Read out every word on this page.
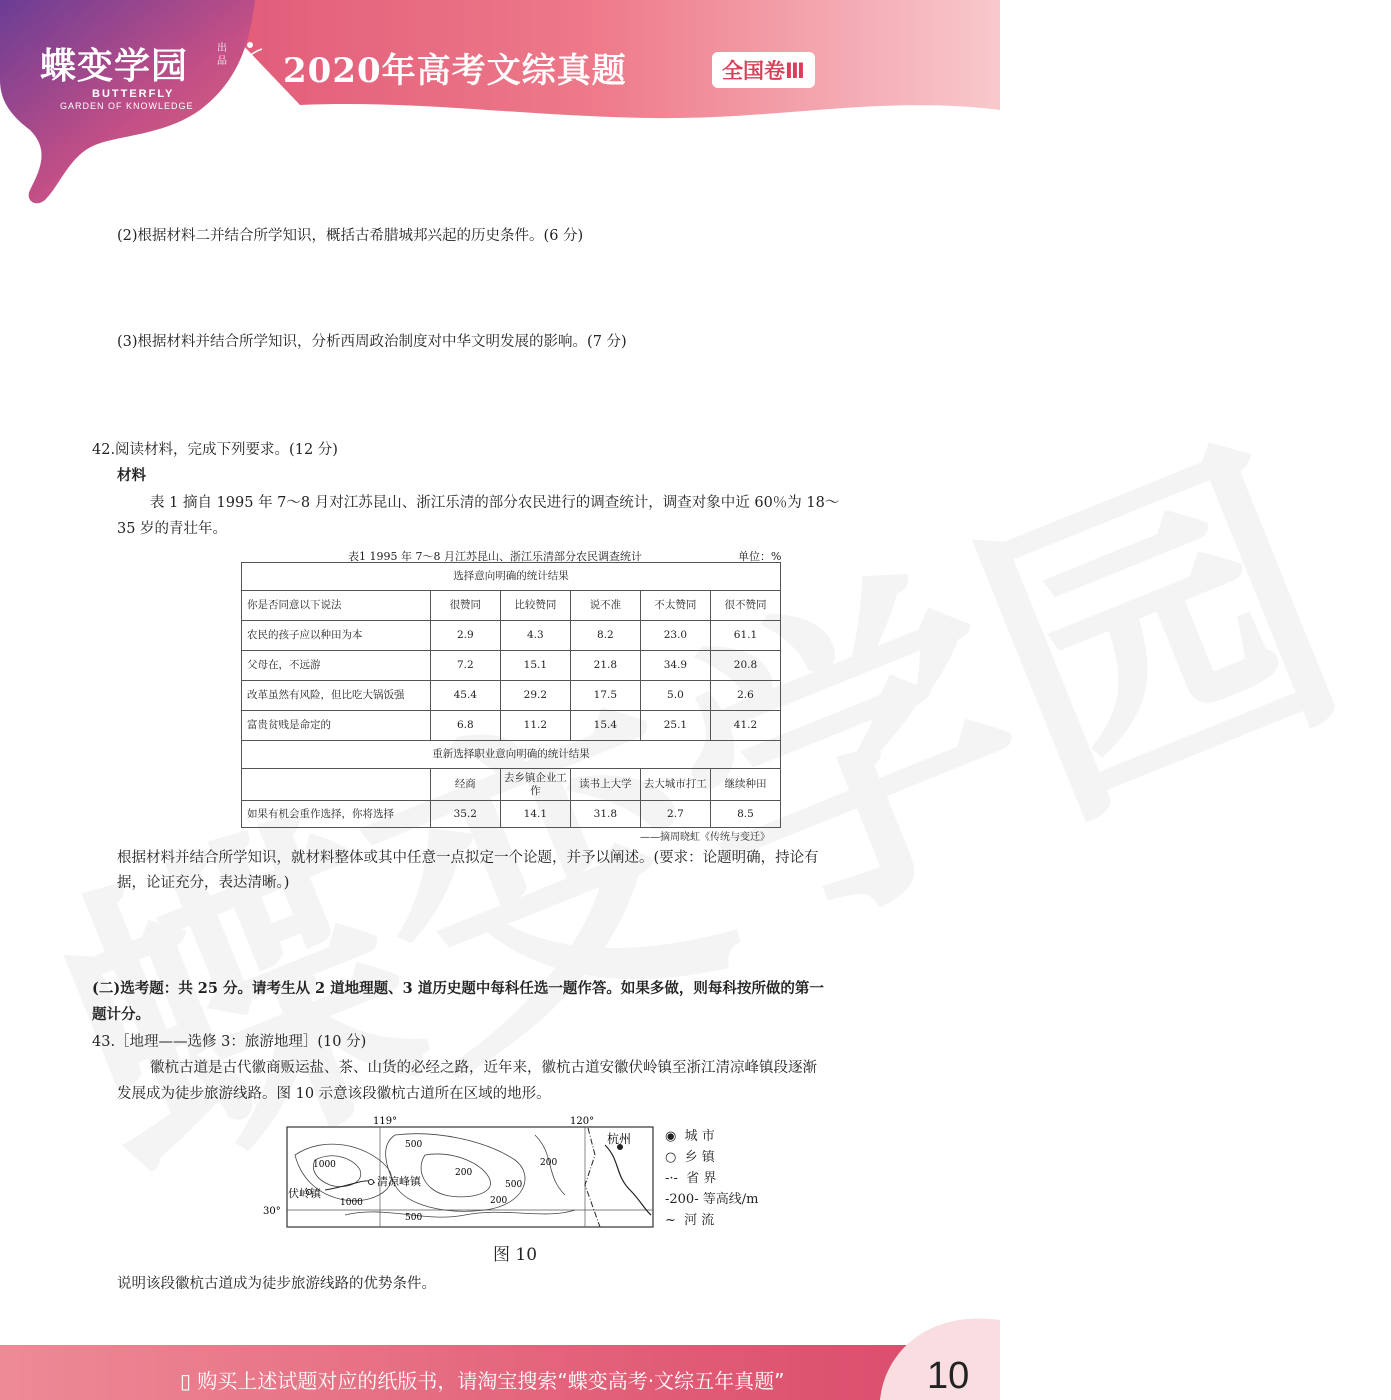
蝶变学园	出品
BUTTERFLY
GARDEN OF KNOWLEDGE
2020年高考文综真题	全国卷Ⅲ
(2)根据材料二并结合所学知识，概括古希腊城邦兴起的历史条件。(6 分)
(3)根据材料并结合所学知识，分析西周政治制度对中华文明发展的影响。(7 分)
42.阅读材料，完成下列要求。(12 分)
材料
表 1 摘自 1995 年 7～8 月对江苏昆山、浙江乐清的部分农民进行的调查统计，调查对象中近 60％为 18～
35 岁的青壮年。
表1 1995 年 7～8 月江苏昆山、浙江乐清部分农民调查统计	单位：%
选择意向明确的统计结果					
你是否同意以下说法	很赞同	比较赞同	说不准	不太赞同	很不赞同
农民的孩子应以种田为本	2.9	4.3	8.2	23.0	61.1
父母在，不远游	7.2	15.1	21.8	34.9	20.8
改革虽然有风险，但比吃大锅饭强	45.4	29.2	17.5	5.0	2.6
富贵贫贱是命定的	6.8	11.2	15.4	25.1	41.2
重新选择职业意向明确的统计结果					
	经商	去乡镇企业工作	读书上大学	去大城市打工	继续种田
如果有机会重作选择，你将选择	35.2	14.1	31.8	2.7	8.5
——摘周晓虹《传统与变迁》
根据材料并结合所学知识，就材料整体或其中任意一点拟定一个论题，并予以阐述。(要求：论题明确，持论有
据，论证充分，表达清晰。)
(二)选考题：共 25 分。请考生从 2 道地理题、3 道历史题中每科任选一题作答。如果多做，则每科按所做的第一
题计分。
43.［地理——选修 3：旅游地理］(10 分)
徽杭古道是古代徽商贩运盐、茶、山货的必经之路，近年来，徽杭古道安徽伏岭镇至浙江清凉峰镇段逐渐
发展成为徒步旅游线路。图 10 示意该段徽杭古道所在区域的地形。
119°	120°
30°
杭州
清凉峰镇
伏岭镇
1000
500
500
200
200
200
1000
500
◉ 城 市
○ 乡 镇
-·- 省 界
-200- 等高线/m
~ 河 流
图 10
说明该段徽杭古道成为徒步旅游线路的优势条件。
▯ 购买上述试题对应的纸版书，请淘宝搜索“蝶变高考·文综五年真题”	10
